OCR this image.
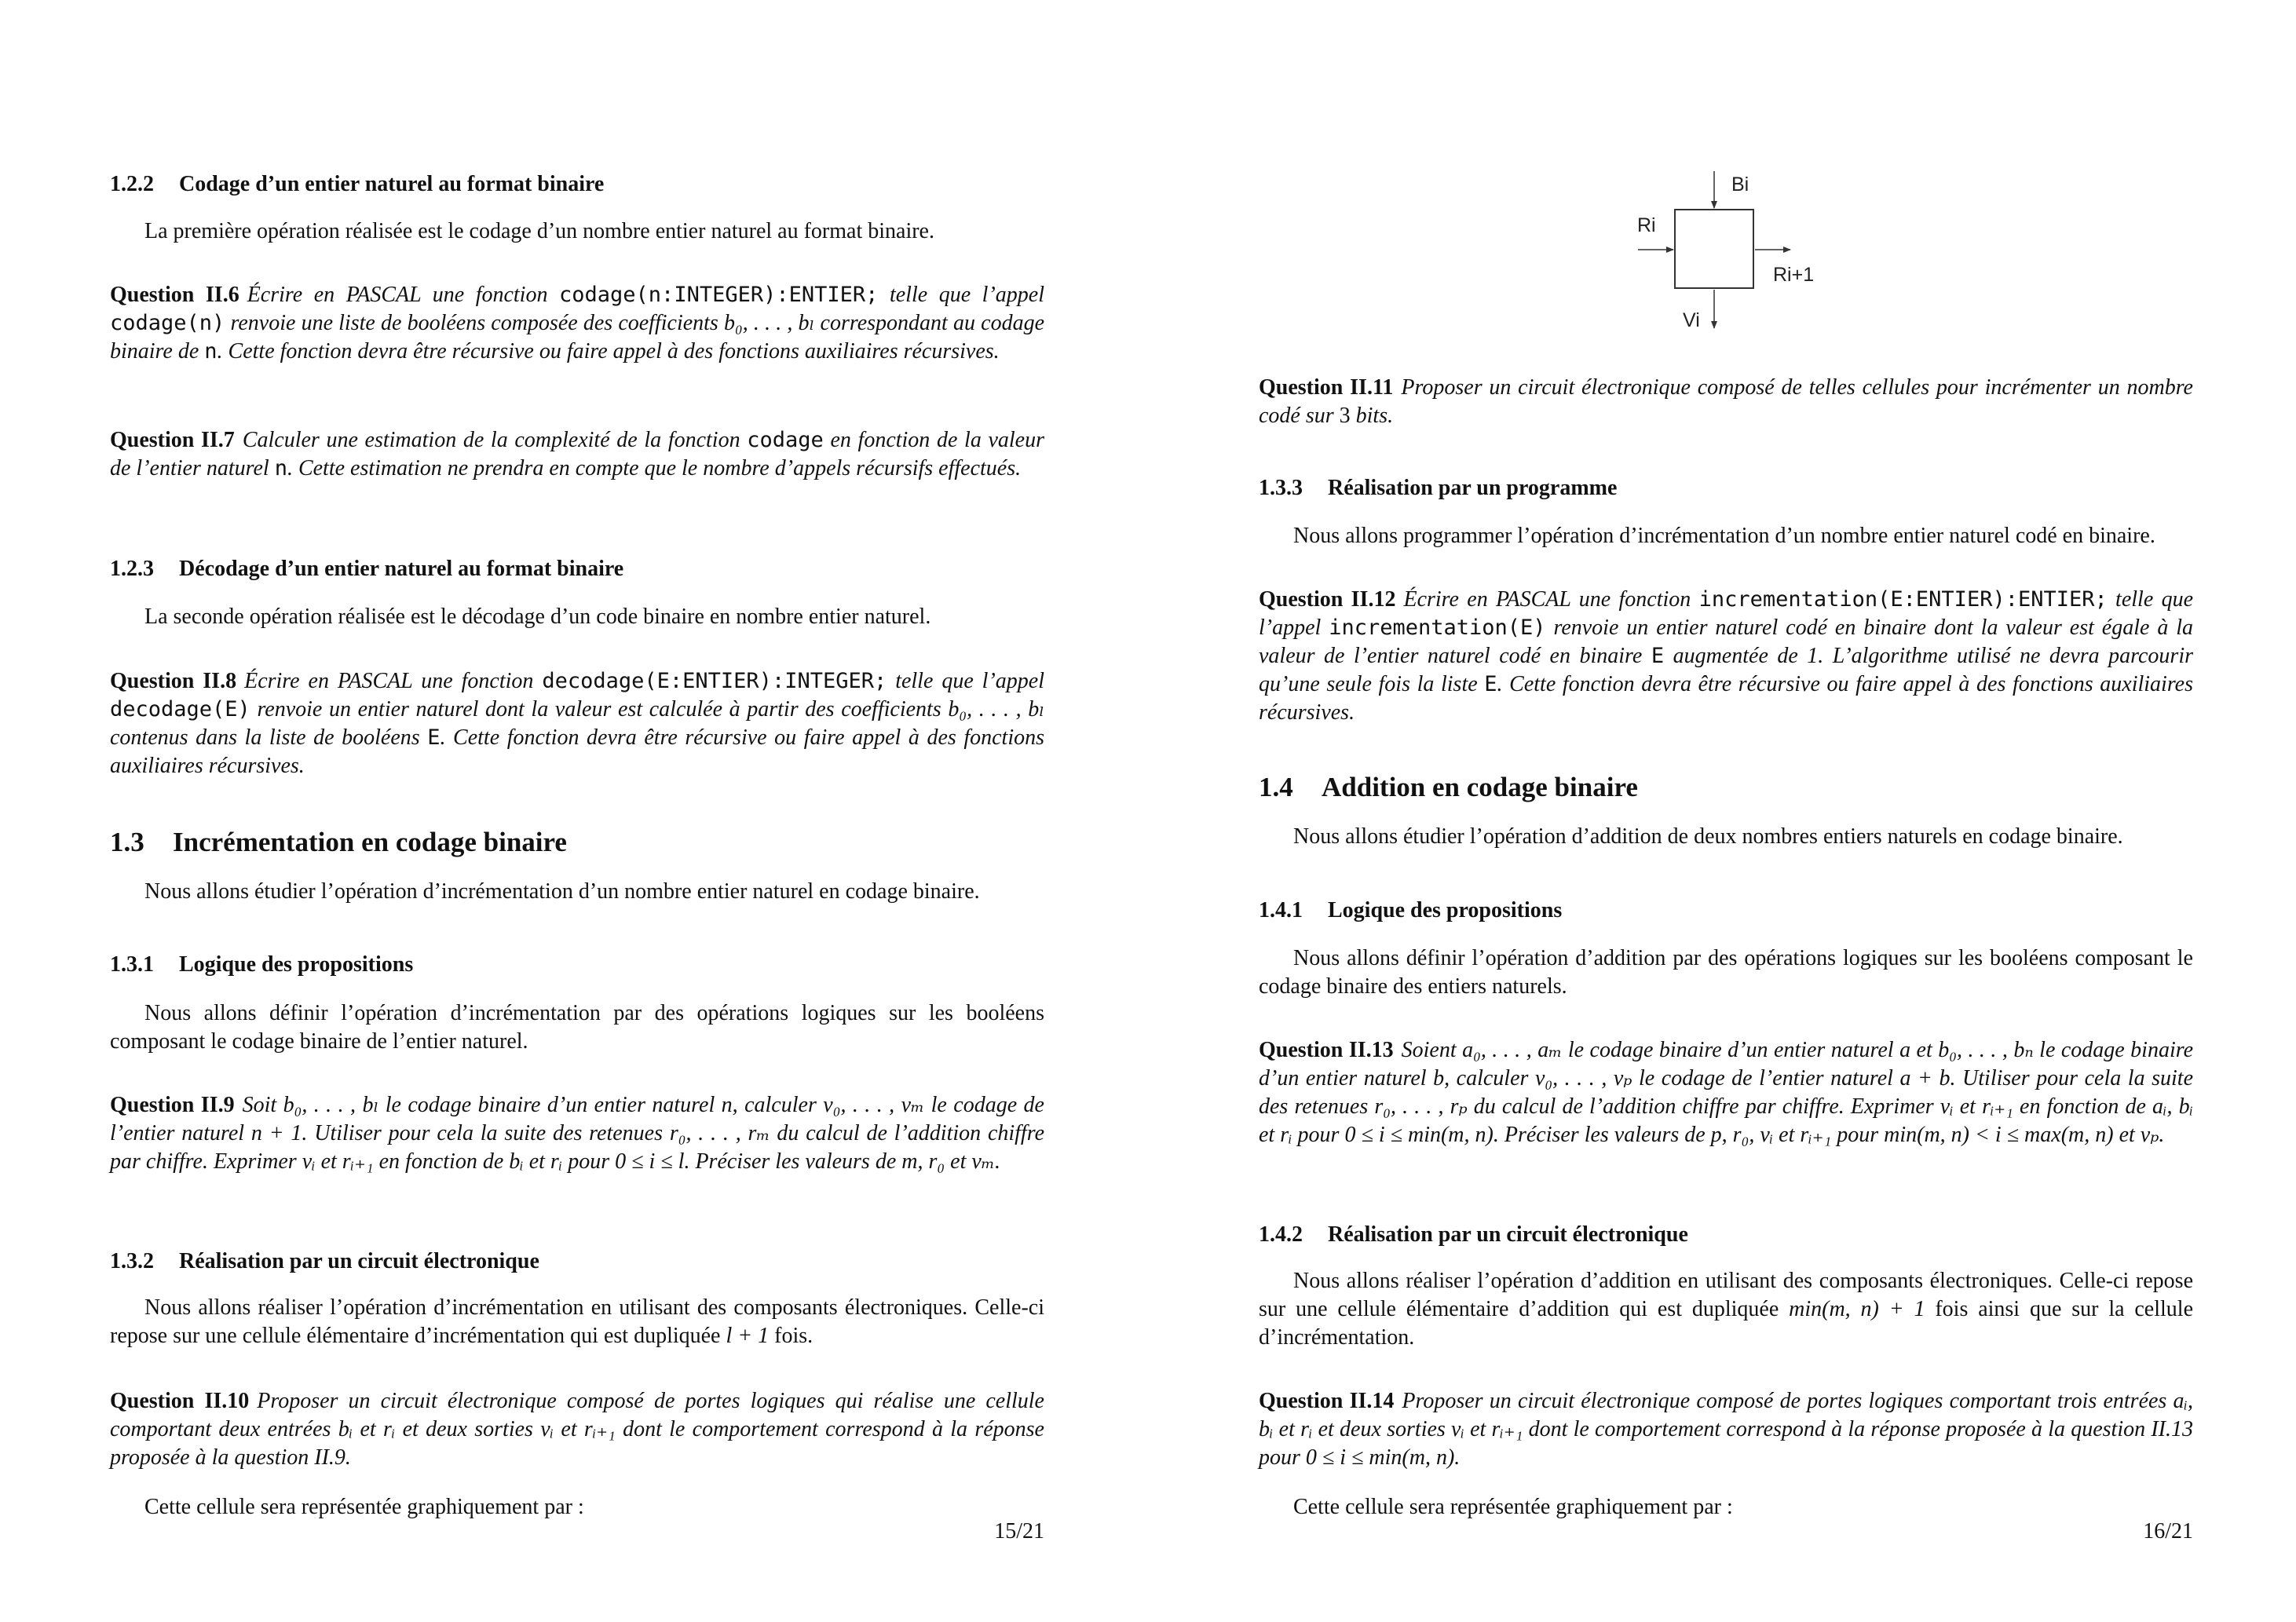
1.2.2 Codage d’un entier naturel au format binaire

La première opération réalisée est le codage d’un nombre entier naturel au format binaire.

Question II.6 Écrire en PASCAL une fonction codage(n:INTEGER):ENTIER; telle que l’appel codage(n) renvoie une liste de booléens composée des coefficients b₀, . . . , bₗ correspondant au codage binaire de n. Cette fonction devra être récursive ou faire appel à des fonctions auxiliaires récursives.
Question II.7 Calculer une estimation de la complexité de la fonction codage en fonction de la valeur de l’entier naturel n. Cette estimation ne prendra en compte que le nombre d’appels récursifs effectués.
1.2.3 Décodage d’un entier naturel au format binaire

La seconde opération réalisée est le décodage d’un code binaire en nombre entier naturel.

Question II.8 Écrire en PASCAL une fonction decodage(E:ENTIER):INTEGER; telle que l’appel decodage(E) renvoie un entier naturel dont la valeur est calculée à partir des coefficients b₀, . . . , bₗ contenus dans la liste de booléens E. Cette fonction devra être récursive ou faire appel à des fonctions auxiliaires récursives.
1.3 Incrémentation en codage binaire

Nous allons étudier l’opération d’incrémentation d’un nombre entier naturel en codage binaire.

1.3.1 Logique des propositions

Nous allons définir l’opération d’incrémentation par des opérations logiques sur les booléens composant le codage binaire de l’entier naturel.

Question II.9 Soit b₀, . . . , bₗ le codage binaire d’un entier naturel n, calculer v₀, . . . , vₘ le codage de l’entier naturel n + 1. Utiliser pour cela la suite des retenues r₀, . . . , rₘ du calcul de l’addition chiffre par chiffre. Exprimer vᵢ et rᵢ₊₁ en fonction de bᵢ et rᵢ pour 0 ≤ i ≤ l. Préciser les valeurs de m, r₀ et vₘ.
1.3.2 Réalisation par un circuit électronique

Nous allons réaliser l’opération d’incrémentation en utilisant des composants électroniques. Celle-ci repose sur une cellule élémentaire d’incrémentation qui est dupliquée l + 1 fois.

Question II.10 Proposer un circuit électronique composé de portes logiques qui réalise une cellule comportant deux entrées bᵢ et rᵢ et deux sorties vᵢ et rᵢ₊₁ dont le comportement correspond à la réponse proposée à la question II.9.

Cette cellule sera représentée graphiquement par :

15/21
Bi
Ri
Ri+1
Vi
Question II.11 Proposer un circuit électronique composé de telles cellules pour incrémenter un nombre codé sur 3 bits.
1.3.3 Réalisation par un programme

Nous allons programmer l’opération d’incrémentation d’un nombre entier naturel codé en binaire.

Question II.12 Écrire en PASCAL une fonction incrementation(E:ENTIER):ENTIER; telle que l’appel incrementation(E) renvoie un entier naturel codé en binaire dont la valeur est égale à la valeur de l’entier naturel codé en binaire E augmentée de 1. L’algorithme utilisé ne devra parcourir qu’une seule fois la liste E. Cette fonction devra être récursive ou faire appel à des fonctions auxiliaires récursives.
1.4 Addition en codage binaire

Nous allons étudier l’opération d’addition de deux nombres entiers naturels en codage binaire.

1.4.1 Logique des propositions

Nous allons définir l’opération d’addition par des opérations logiques sur les booléens composant le codage binaire des entiers naturels.

Question II.13 Soient a₀, . . . , aₘ le codage binaire d’un entier naturel a et b₀, . . . , bₙ le codage binaire d’un entier naturel b, calculer v₀, . . . , vₚ le codage de l’entier naturel a + b. Utiliser pour cela la suite des retenues r₀, . . . , rₚ du calcul de l’addition chiffre par chiffre. Exprimer vᵢ et rᵢ₊₁ en fonction de aᵢ, bᵢ et rᵢ pour 0 ≤ i ≤ min(m, n). Préciser les valeurs de p, r₀, vᵢ et rᵢ₊₁ pour min(m, n) < i ≤ max(m, n) et vₚ.
1.4.2 Réalisation par un circuit électronique

Nous allons réaliser l’opération d’addition en utilisant des composants électroniques. Celle-ci repose sur une cellule élémentaire d’addition qui est dupliquée min(m, n) + 1 fois ainsi que sur la cellule d’incrémentation.

Question II.14 Proposer un circuit électronique composé de portes logiques comportant trois entrées aᵢ, bᵢ et rᵢ et deux sorties vᵢ et rᵢ₊₁ dont le comportement correspond à la réponse proposée à la question II.13 pour 0 ≤ i ≤ min(m, n).

Cette cellule sera représentée graphiquement par :

16/21
